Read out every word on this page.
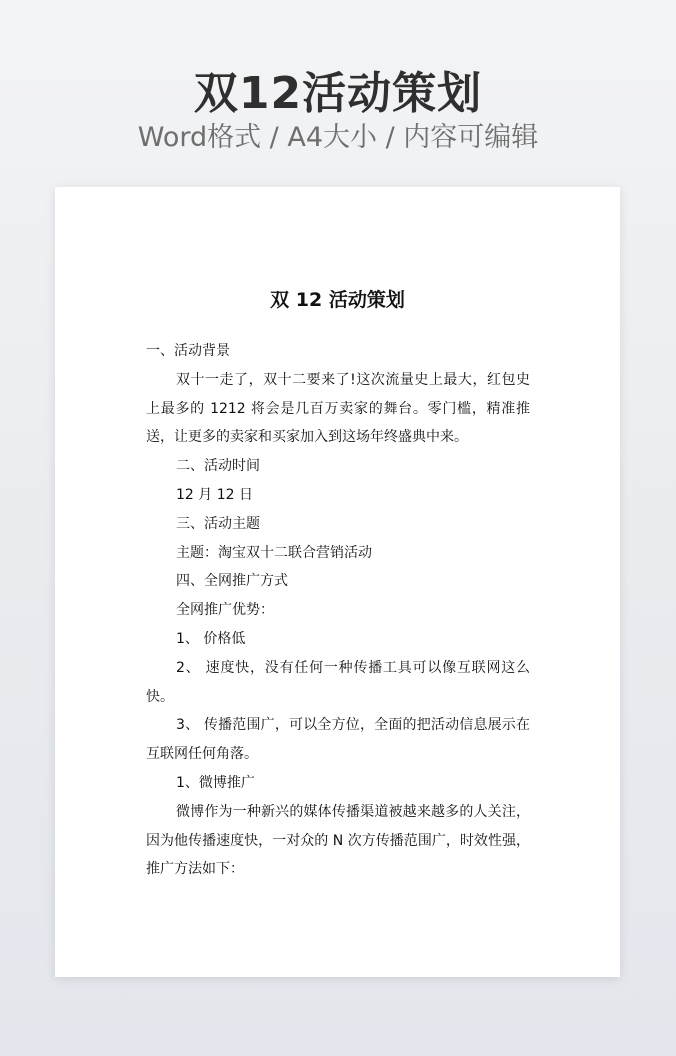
双12活动策划
Word格式 / A4大小 / 内容可编辑
双 12 活动策划

一、活动背景

双十一走了，双十二要来了!这次流量史上最大，红包史上最多的 1212 将会是几百万卖家的舞台。零门槛，精准推送，让更多的卖家和买家加入到这场年终盛典中来。

二、活动时间

12 月 12 日

三、活动主题

主题：淘宝双十二联合营销活动

四、全网推广方式

全网推广优势：

1、 价格低

2、 速度快，没有任何一种传播工具可以像互联网这么快。

3、 传播范围广，可以全方位，全面的把活动信息展示在互联网任何角落。

1、微博推广

微博作为一种新兴的媒体传播渠道被越来越多的人关注，因为他传播速度快，一对众的 N 次方传播范围广，时效性强，推广方法如下：
